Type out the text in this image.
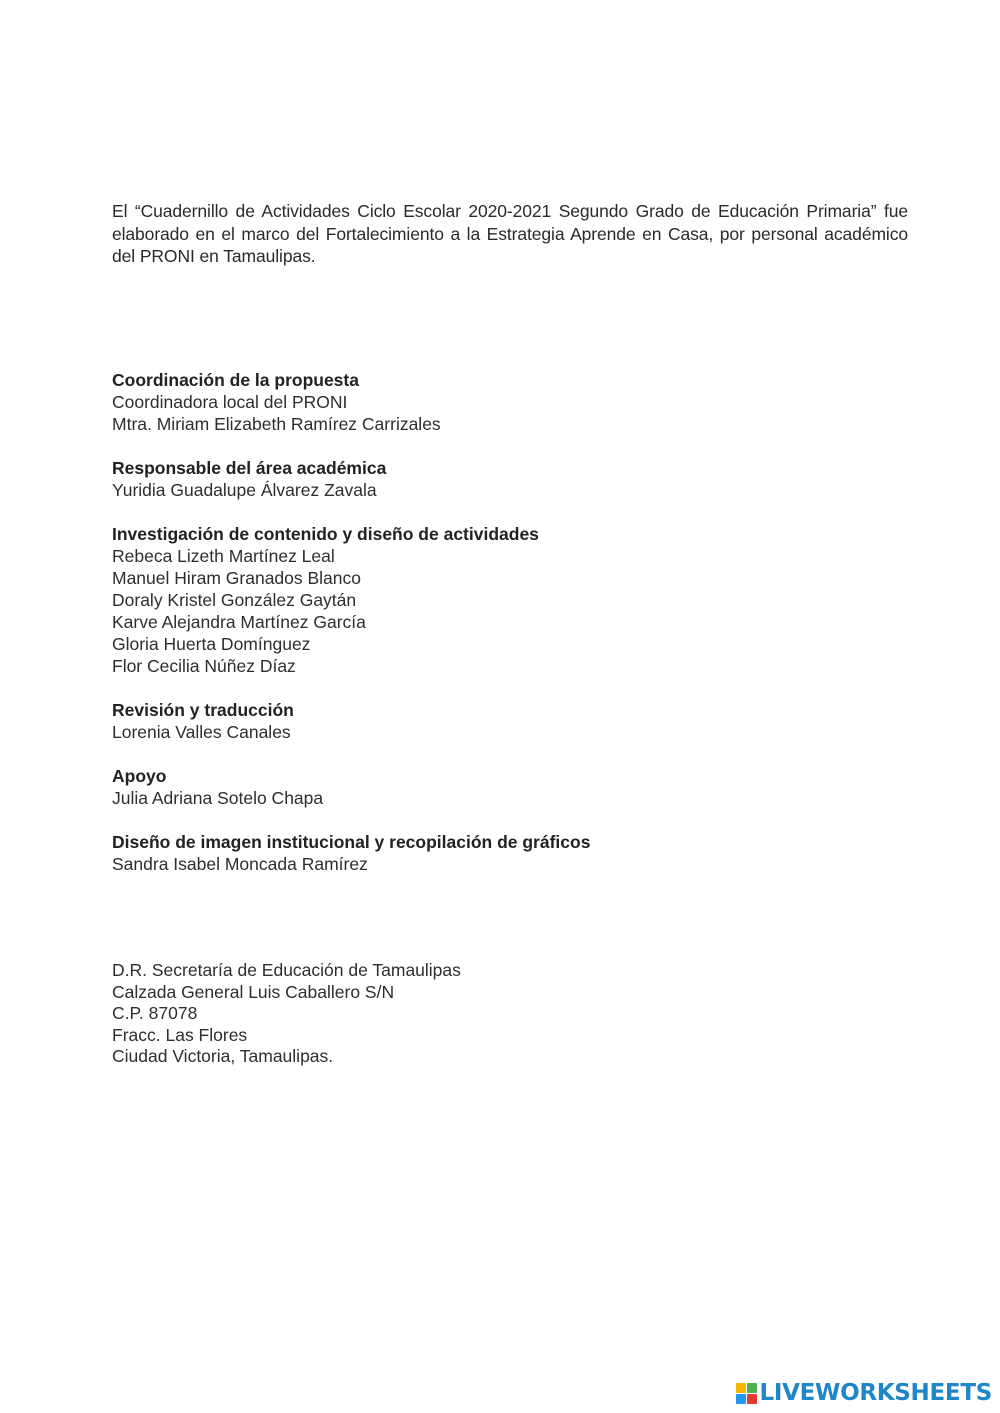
El “Cuadernillo de Actividades Ciclo Escolar 2020-2021 Segundo Grado de Educación Primaria” fue elaborado en el marco del Fortalecimiento a la Estrategia Aprende en Casa, por personal académico del PRONI en Tamaulipas.

Coordinación de la propuesta
Coordinadora local del PRONI
Mtra. Miriam Elizabeth Ramírez Carrizales
Responsable del área académica
Yuridia Guadalupe Álvarez Zavala
Investigación de contenido y diseño de actividades
Rebeca Lizeth Martínez Leal
Manuel Hiram Granados Blanco
Doraly Kristel González Gaytán
Karve Alejandra Martínez García
Gloria Huerta Domínguez
Flor Cecilia Núñez Díaz
Revisión y traducción
Lorenia Valles Canales
Apoyo
Julia Adriana Sotelo Chapa
Diseño de imagen institucional y recopilación de gráficos
Sandra Isabel Moncada Ramírez
D.R. Secretaría de Educación de Tamaulipas
Calzada General Luis Caballero S/N
C.P. 87078
Fracc. Las Flores
Ciudad Victoria, Tamaulipas.
LIVEWORKSHEETS
